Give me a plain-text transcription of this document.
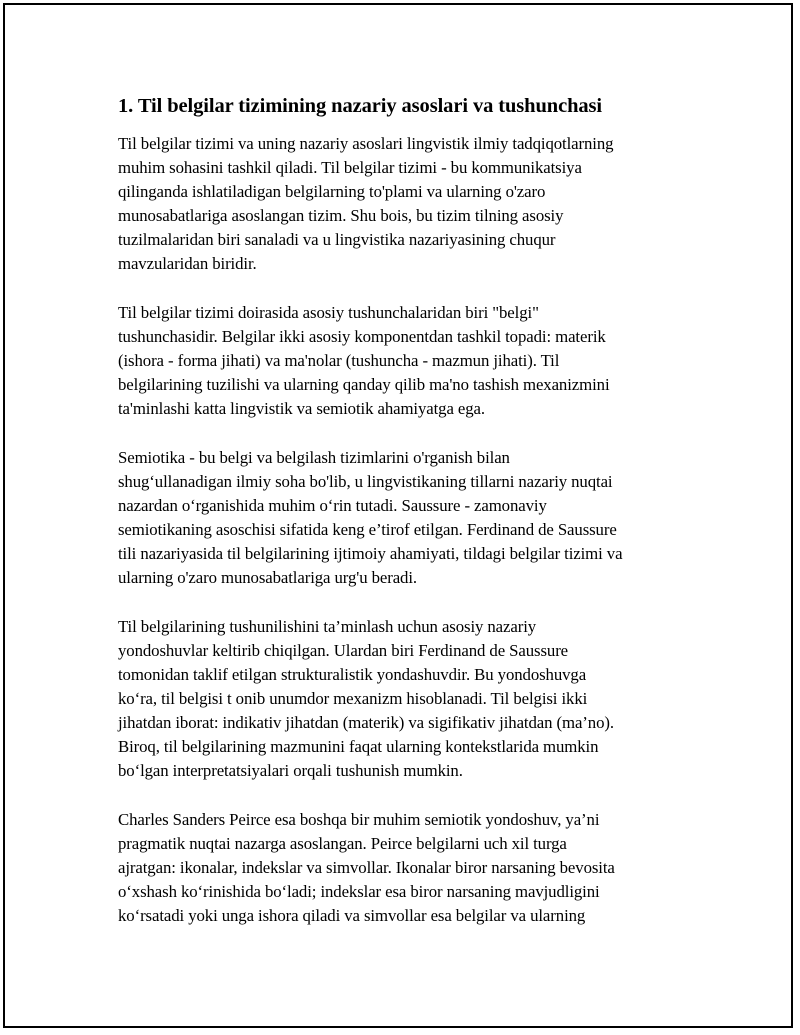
1. Til belgilar tizimining nazariy asoslari va tushunchasi

Til belgilar tizimi va uning nazariy asoslari lingvistik ilmiy tadqiqotlarning
muhim sohasini tashkil qiladi. Til belgilar tizimi - bu kommunikatsiya
qilinganda ishlatiladigan belgilarning to'plami va ularning o'zaro
munosabatlariga asoslangan tizim. Shu bois, bu tizim tilning asosiy
tuzilmalaridan biri sanaladi va u lingvistika nazariyasining chuqur
mavzularidan biridir.

Til belgilar tizimi doirasida asosiy tushunchalaridan biri "belgi"
tushunchasidir. Belgilar ikki asosiy komponentdan tashkil topadi: materik
(ishora - forma jihati) va ma'nolar (tushuncha - mazmun jihati). Til
belgilarining tuzilishi va ularning qanday qilib ma'no tashish mexanizmini
ta'minlashi katta lingvistik va semiotik ahamiyatga ega.

Semiotika - bu belgi va belgilash tizimlarini o'rganish bilan
shugʻullanadigan ilmiy soha bo'lib, u lingvistikaning tillarni nazariy nuqtai
nazardan oʻrganishida muhim oʻrin tutadi. Saussure - zamonaviy
semiotikaning asoschisi sifatida keng e’tirof etilgan. Ferdinand de Saussure
tili nazariyasida til belgilarining ijtimoiy ahamiyati, tildagi belgilar tizimi va
ularning o'zaro munosabatlariga urg'u beradi.

Til belgilarining tushunilishini ta’minlash uchun asosiy nazariy
yondoshuvlar keltirib chiqilgan. Ulardan biri Ferdinand de Saussure
tomonidan taklif etilgan strukturalistik yondashuvdir. Bu yondoshuvga
koʻra, til belgisi t onib unumdor mexanizm hisoblanadi. Til belgisi ikki
jihatdan iborat: indikativ jihatdan (materik) va sigifikativ jihatdan (ma’no).
Biroq, til belgilarining mazmunini faqat ularning kontekstlarida mumkin
boʻlgan interpretatsiyalari orqali tushunish mumkin.

Charles Sanders Peirce esa boshqa bir muhim semiotik yondoshuv, ya’ni
pragmatik nuqtai nazarga asoslangan. Peirce belgilarni uch xil turga
ajratgan: ikonalar, indekslar va simvollar. Ikonalar biror narsaning bevosita
oʻxshash koʻrinishida boʻladi; indekslar esa biror narsaning mavjudligini
koʻrsatadi yoki unga ishora qiladi va simvollar esa belgilar va ularning
